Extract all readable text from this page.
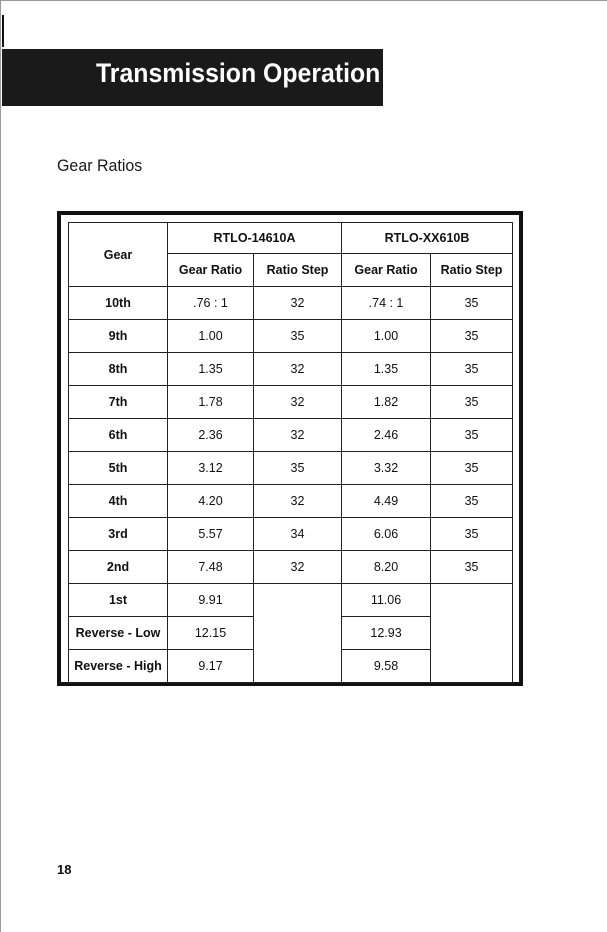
Transmission Operation
Gear Ratios
Gear	RTLO-14610A		RTLO-XX610B	
	Gear Ratio	Ratio Step	Gear Ratio	Ratio Step
10th	.76 : 1	32	.74 : 1	35
9th	1.00	35	1.00	35
8th	1.35	32	1.35	35
7th	1.78	32	1.82	35
6th	2.36	32	2.46	35
5th	3.12	35	3.32	35
4th	4.20	32	4.49	35
3rd	5.57	34	6.06	35
2nd	7.48	32	8.20	35
1st	9.91		11.06	
Reverse - Low	12.15		12.93	
Reverse - High	9.17		9.58	
18
